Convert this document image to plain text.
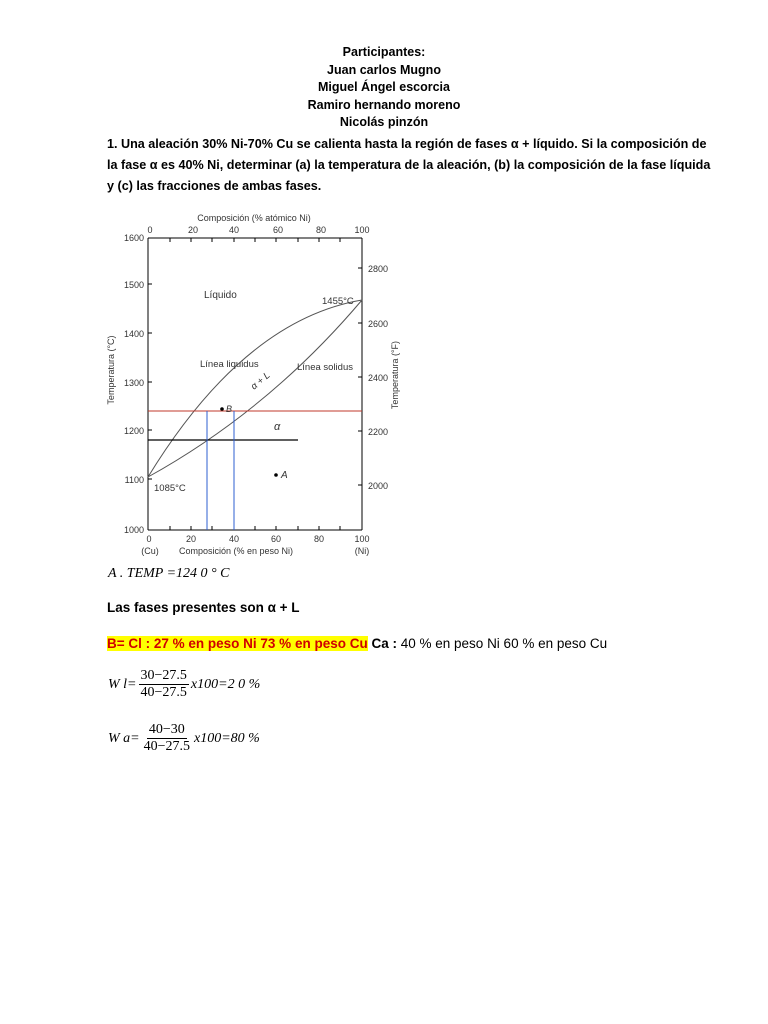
Participantes:
Juan carlos Mugno
Miguel Ángel escorcia
Ramiro hernando moreno
Nicolás pinzón
1. Una aleación 30% Ni-70% Cu se calienta hasta la región de fases α + líquido. Si la composición de
la fase α es 40% Ni, determinar (a) la temperatura de la aleación, (b) la composición de la fase líquida
y (c) las fracciones de ambas fases.
Composición (% atómico Ni)
0	20	40	60	80	100
1600
1500
1400
1300
1200
1100
1000
Temperatura (°C)
2800
2600
2400
2200
2000
Temperatura (°F)
0	20	40	60	80	100
(Cu) Composición (% en peso Ni)	(Ni)
Líquido
Línea liquidus	Línea solidus
α + L
α
1455°C
1085°C
B
A
A . TEMP =124 0 ° C
Las fases presentes son α + L
B= Cl : 27 % en peso Ni 73 % en peso Cu Ca : 40 % en peso Ni 60 % en peso Cu
W $l= \frac{30-27.5}{40-27.5} x100=2$ 0 %
W $a= \frac{40-30}{40-27.5} x100=80$ %
